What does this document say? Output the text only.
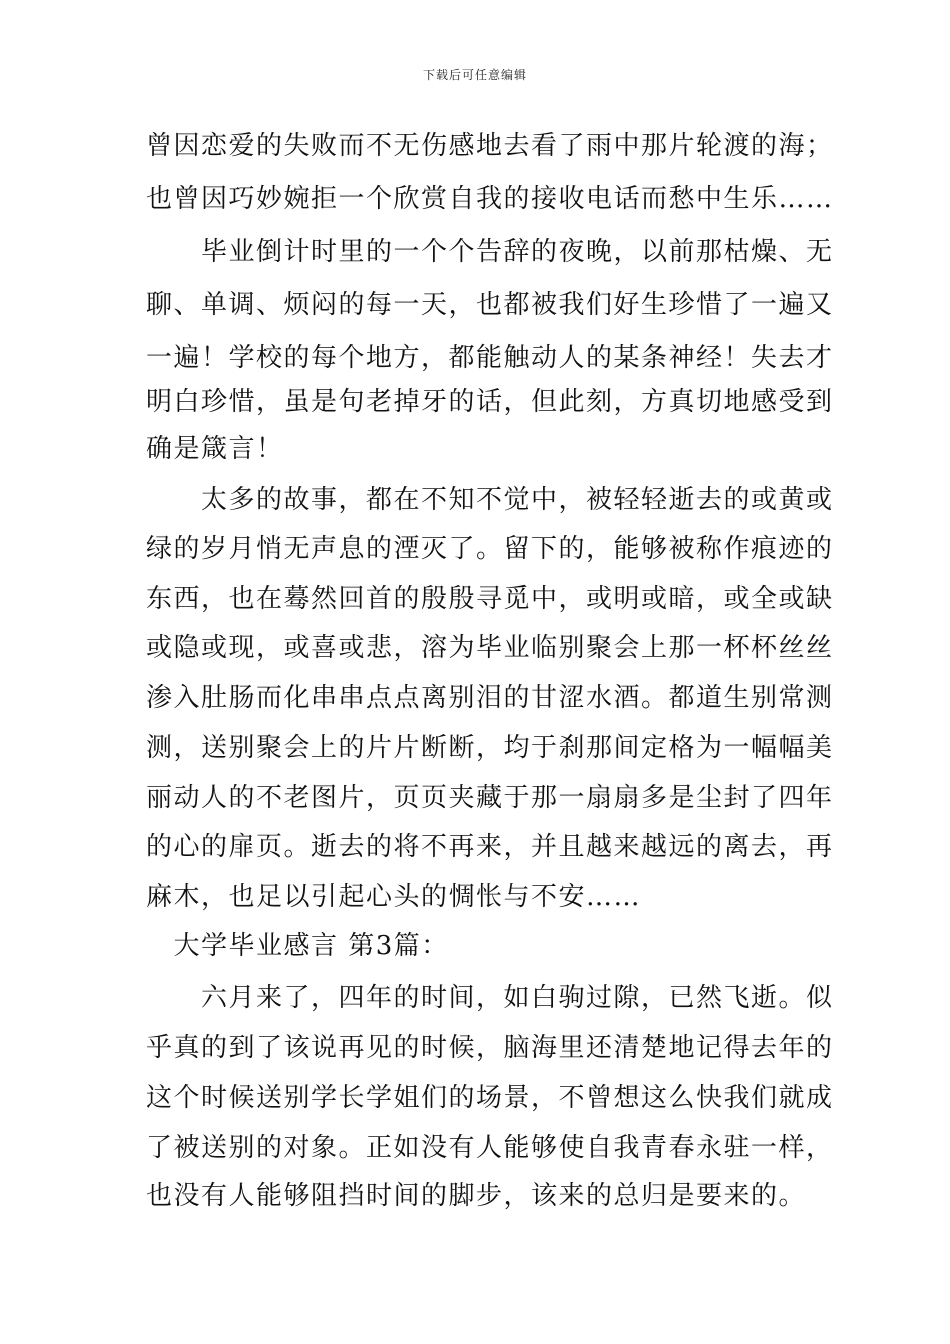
下载后可任意编辑
曾因恋爱的失败而不无伤感地去看了雨中那片轮渡的海；
也曾因巧妙婉拒一个欣赏自我的接收电话而愁中生乐……
　　毕业倒计时里的一个个告辞的夜晚，以前那枯燥、无
聊、单调、烦闷的每一天，也都被我们好生珍惜了一遍又
一遍！学校的每个地方，都能触动人的某条神经！失去才
明白珍惜，虽是句老掉牙的话，但此刻，方真切地感受到
确是箴言！
　　太多的故事，都在不知不觉中，被轻轻逝去的或黄或
绿的岁月悄无声息的湮灭了。留下的，能够被称作痕迹的
东西，也在蓦然回首的殷殷寻觅中，或明或暗，或全或缺
或隐或现，或喜或悲，溶为毕业临别聚会上那一杯杯丝丝
渗入肚肠而化串串点点离别泪的甘涩水酒。都道生别常测
测，送别聚会上的片片断断，均于刹那间定格为一幅幅美
丽动人的不老图片，页页夹藏于那一扇扇多是尘封了四年
的心的扉页。逝去的将不再来，并且越来越远的离去，再
麻木，也足以引起心头的惆怅与不安……
　大学毕业感言 第3篇：
　　六月来了，四年的时间，如白驹过隙，已然飞逝。似
乎真的到了该说再见的时候，脑海里还清楚地记得去年的
这个时候送别学长学姐们的场景，不曾想这么快我们就成
了被送别的对象。正如没有人能够使自我青春永驻一样，
也没有人能够阻挡时间的脚步，该来的总归是要来的。
